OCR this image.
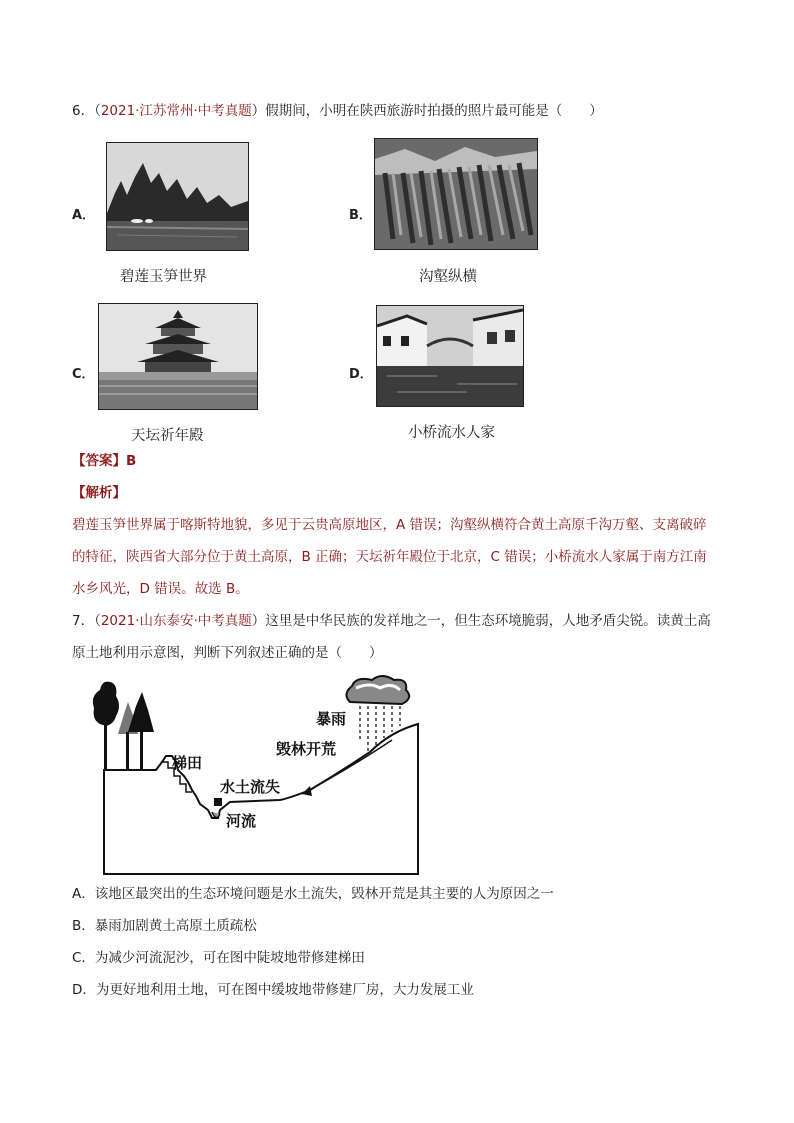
6．（2021·江苏常州·中考真题）假期间，小明在陕西旅游时拍摄的照片最可能是（　　）
A．
碧莲玉笋世界
B．
沟壑纵横
C．
天坛祈年殿
D．
小桥流水人家
【答案】B
【解析】
碧莲玉笋世界属于喀斯特地貌，多见于云贵高原地区，A 错误；沟壑纵横符合黄土高原千沟万壑、支离破碎
的特征，陕西省大部分位于黄土高原，B 正确；天坛祈年殿位于北京，C 错误；小桥流水人家属于南方江南
水乡风光，D 错误。故选 B。
7．（2021·山东泰安·中考真题）这里是中华民族的发祥地之一，但生态环境脆弱，人地矛盾尖锐。读黄土高
原土地利用示意图，判断下列叙述正确的是（　　）
暴雨
毁林开荒
梯田
水土流失
河流
A．该地区最突出的生态环境问题是水土流失，毁林开荒是其主要的人为原因之一
B．暴雨加剧黄土高原土质疏松
C．为减少河流泥沙，可在图中陡坡地带修建梯田
D．为更好地利用土地，可在图中缓坡地带修建厂房，大力发展工业
